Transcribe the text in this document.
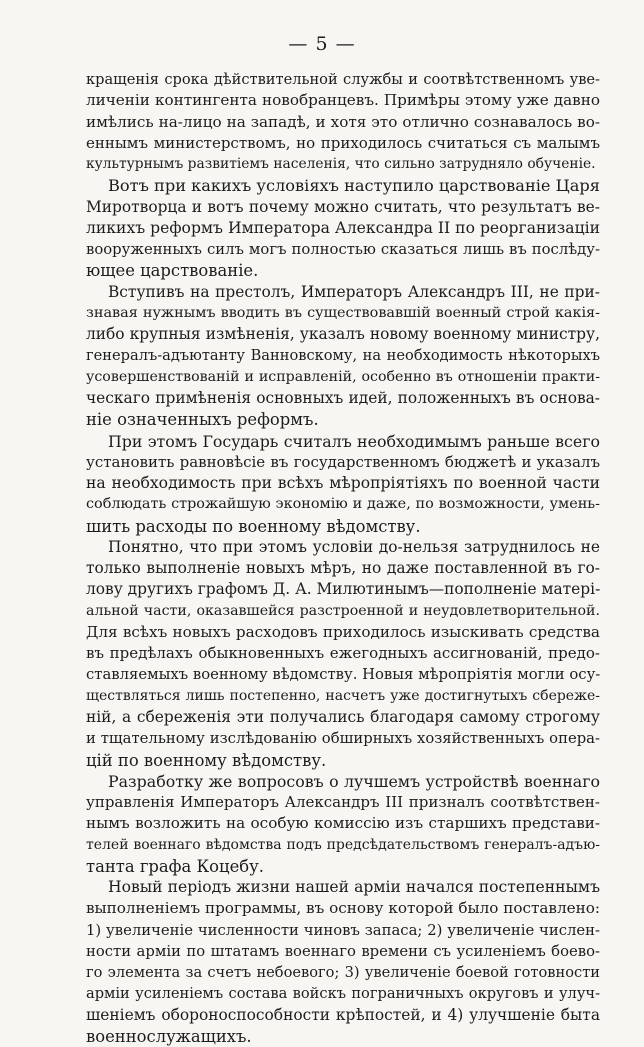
— 5 —
кращенія срока дѣйствительной службы и соотвѣтственномъ уве-
личеніи контингента новобранцевъ. Примѣры этому уже давно
имѣлись на-лицо на западѣ, и хотя это отлично сознавалось во-
еннымъ министерствомъ, но приходилось считаться съ малымъ
культурнымъ развитіемъ населенія, что сильно затрудняло обученіе.
Вотъ при какихъ условіяхъ наступило царствованіе Царя
Миротворца и вотъ почему можно считать, что результатъ ве-
ликихъ реформъ Императора Александра II по реорганизаціи
вооруженныхъ силъ могъ полностью сказаться лишь въ послѣду-
ющее царствованіе.
Вступивъ на престолъ, Императоръ Александръ III, не при-
знавая нужнымъ вводить въ существовавшій военный строй какія-
либо крупныя измѣненія, указалъ новому военному министру,
генералъ-адъютанту Ванновскому, на необходимость нѣкоторыхъ
усовершенствованій и исправленій, особенно въ отношеніи практи-
ческаго примѣненія основныхъ идей, положенныхъ въ основа-
ніе означенныхъ реформъ.
При этомъ Государь считалъ необходимымъ раньше всего
установить равновѣсіе въ государственномъ бюджетѣ и указалъ
на необходимость при всѣхъ мѣропріятіяхъ по военной части
соблюдать строжайшую экономію и даже, по возможности, умень-
шить расходы по военному вѣдомству.
Понятно, что при этомъ условіи до-нельзя затруднилось не
только выполненіе новыхъ мѣръ, но даже поставленной въ го-
лову другихъ графомъ Д. А. Милютинымъ—пополненіе матері-
альной части, оказавшейся разстроенной и неудовлетворительной.
Для всѣхъ новыхъ расходовъ приходилось изыскивать средства
въ предѣлахъ обыкновенныхъ ежегодныхъ ассигнованій, предо-
ставляемыхъ военному вѣдомству. Новыя мѣропріятія могли осу-
ществляться лишь постепенно, насчетъ уже достигнутыхъ сбереже-
ній, а сбереженія эти получались благодаря самому строгому
и тщательному изслѣдованію обширныхъ хозяйственныхъ опера-
цій по военному вѣдомству.
Разработку же вопросовъ о лучшемъ устройствѣ военнаго
управленія Императоръ Александръ III призналъ соотвѣтствен-
нымъ возложить на особую комиссію изъ старшихъ представи-
телей военнаго вѣдомства подъ предсѣдательствомъ генералъ-адъю-
танта графа Коцебу.
Новый періодъ жизни нашей арміи начался постепеннымъ
выполненіемъ программы, въ основу которой было поставлено:
1) увеличеніе численности чиновъ запаса; 2) увеличеніе числен-
ности арміи по штатамъ военнаго времени съ усиленіемъ боево-
го элемента за счетъ небоевого; 3) увеличеніе боевой готовности
арміи усиленіемъ состава войскъ пограничныхъ округовъ и улуч-
шеніемъ обороноспособности крѣпостей, и 4) улучшеніе быта
военнослужащихъ.
